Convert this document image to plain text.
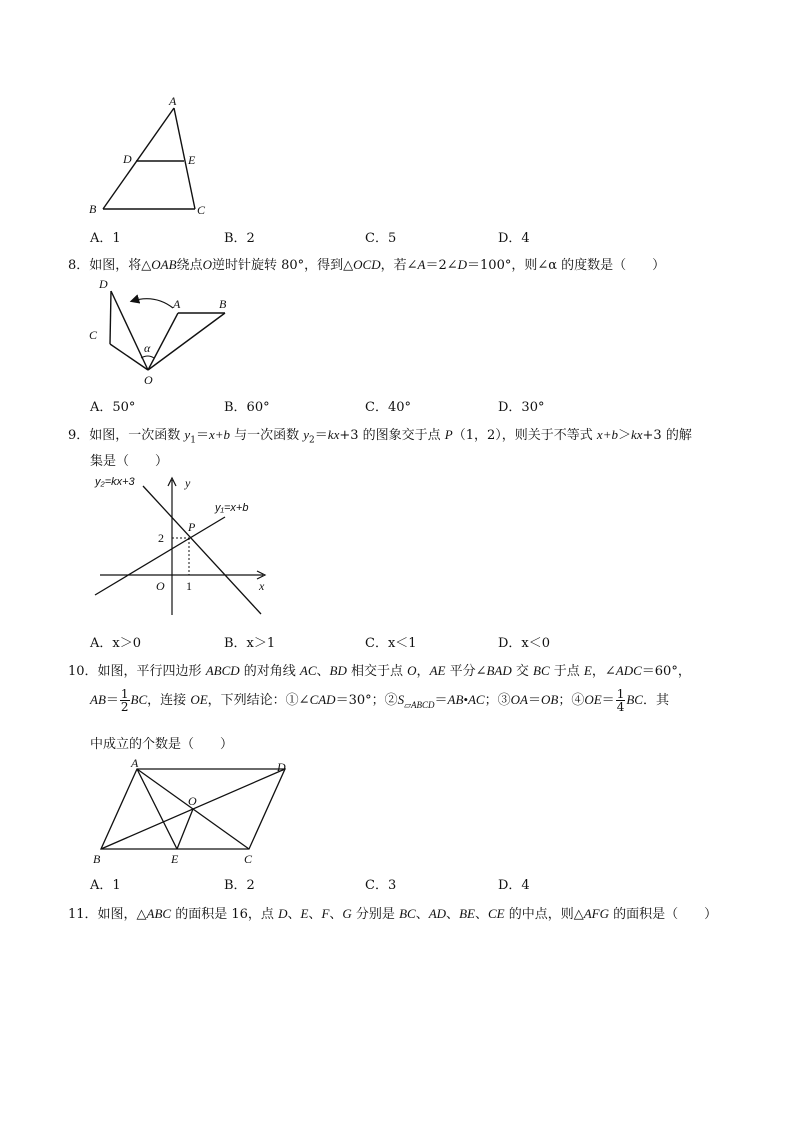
A
D	E
B	C
A．1	B．2	C．5	D．4
8．如图，将△OAB绕点O逆时针旋转 80°，得到△OCD，若∠A＝2∠D＝100°，则∠α 的度数是（　　）
A	B
C
D
O
α
A．50°	B．60°	C．40°	D．30°
9．如图，一次函数 $y_1=x+b$ 与一次函数 $y_2=kx+3$ 的图象交于点 P（1，2），则关于不等式 x+b＞kx+3 的解
集是（　　）
y₂=kx+3
y₁=x+b
y
x
P
2
1
O
A．x＞0	B．x＞1	C．x＜1	D．x＜0
10．如图，平行四边形 ABCD 的对角线 AC、BD 相交于点 O，AE 平分∠BAD 交 BC 于点 E，∠ADC＝60°，
$AB= \frac{1}{2}$ BC，连接 OE，下列结论：①∠CAD＝30°；$②S_{▱ABCD}=AB•AC$；③OA＝OB；④OE＝ $\frac{1}{4}$ BC．其
中成立的个数是（　　）
A	D
O
B	E	C
A．1	B．2	C．3	D．4
11．如图，△ABC 的面积是 16，点 D、E、F、G 分别是 BC、AD、BE、CE 的中点，则△AFG 的面积是（　　）
